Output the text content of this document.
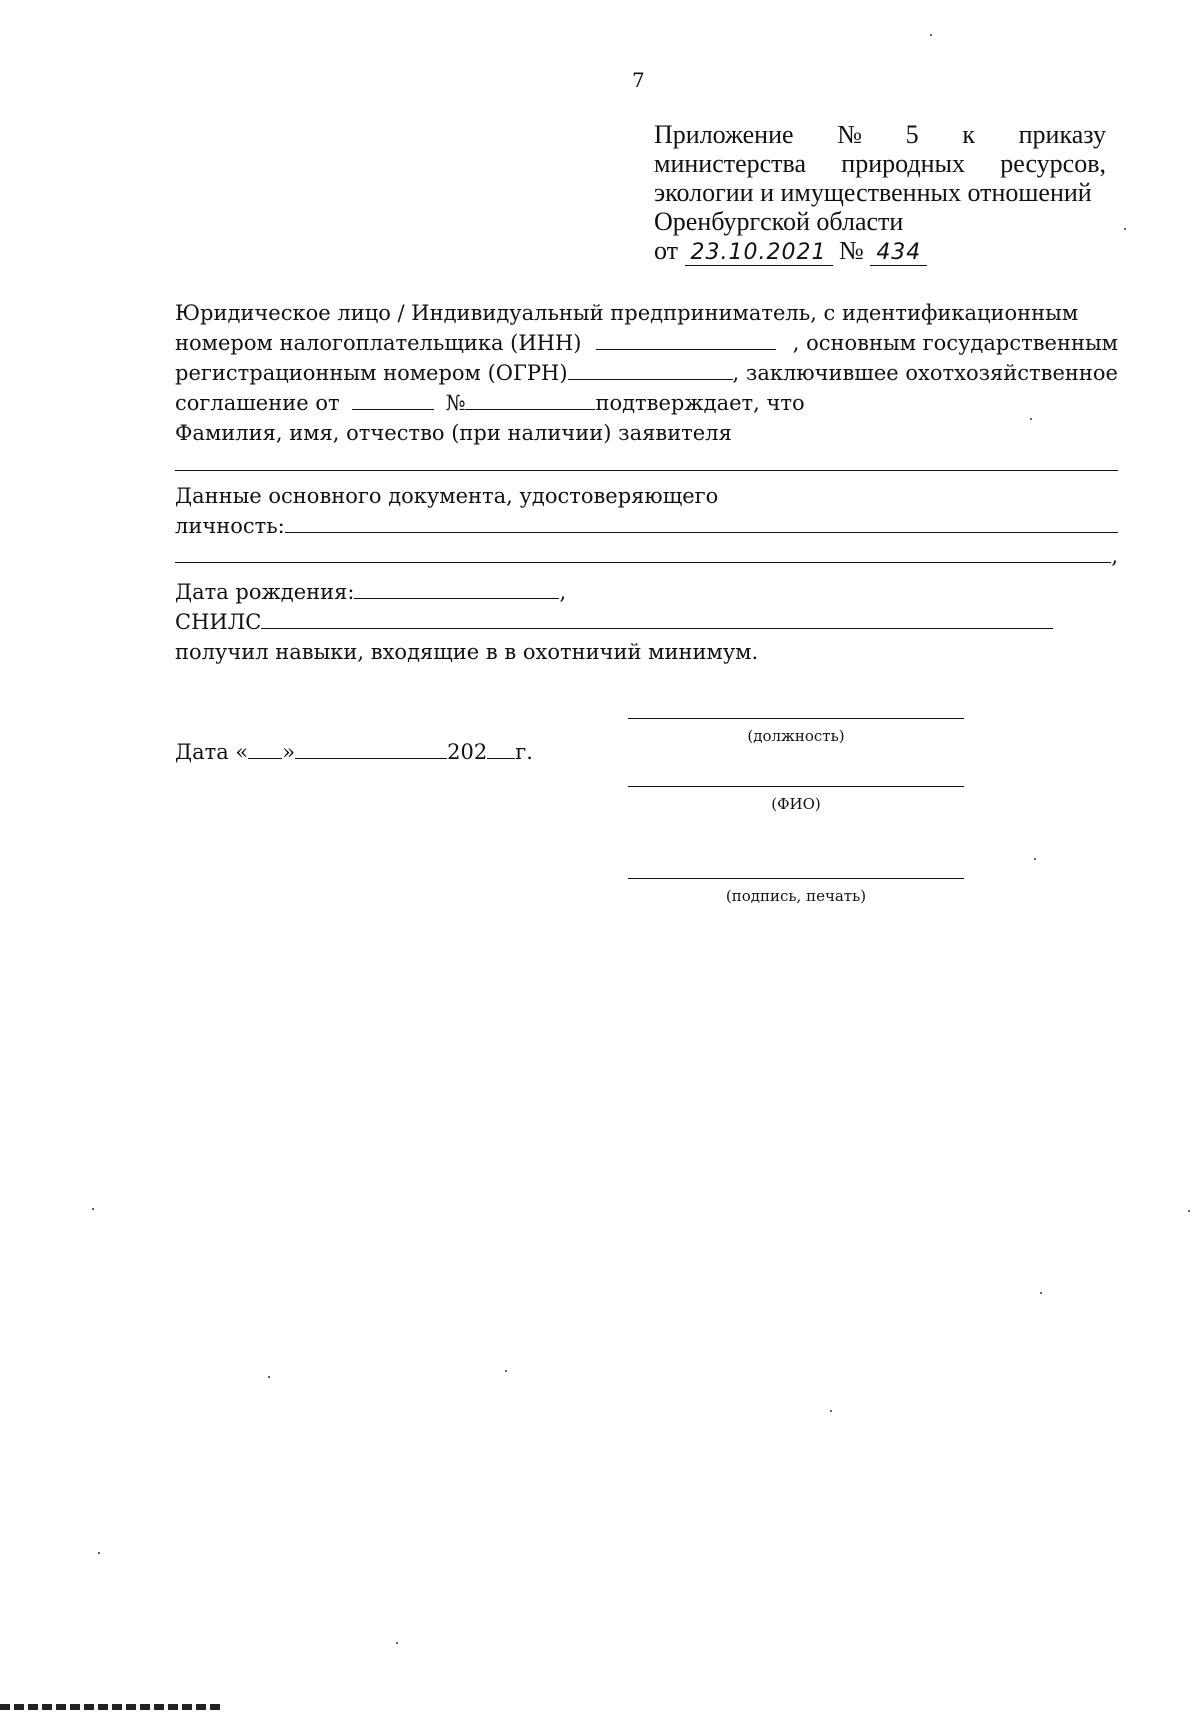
7
Приложение № 5 к приказу
министерства природных ресурсов,
экологии и имущественных отношений
Оренбургской области
от 23.10.2021 № 434
Юридическое лицо / Индивидуальный предприниматель, с идентификационным
номером налогоплательщика (ИНН)	, основным государственным
регистрационным номером (ОГРН)	, заключившее охотхозяйственное
соглашение от	№	подтверждает, что
Фамилия, имя, отчество (при наличии) заявителя
Данные основного документа, удостоверяющего
личность:
,
Дата рождения:	,
СНИЛС
получил навыки, входящие в в охотничий минимум.
Дата « »	202 г.
(должность)
(ФИО)
(подпись, печать)
